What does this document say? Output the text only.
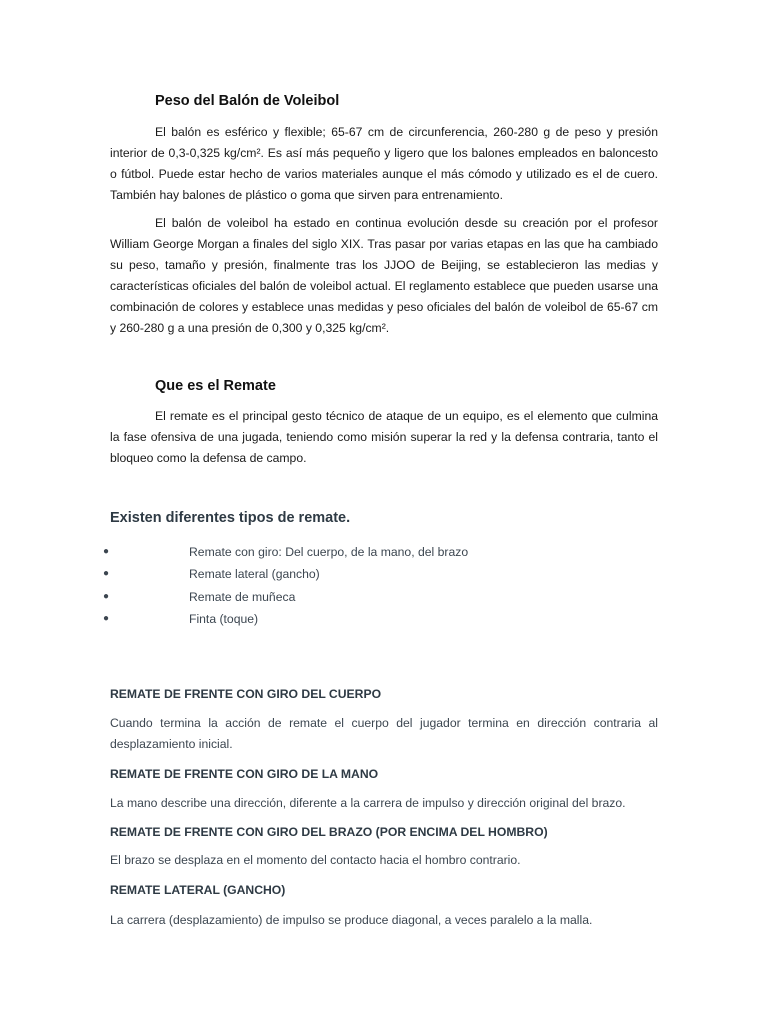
Peso del Balón de Voleibol

El balón es esférico y flexible; 65-67 cm de circunferencia, 260-280 g de peso y presión interior de 0,3-0,325 kg/cm². Es así más pequeño y ligero que los balones empleados en baloncesto o fútbol. Puede estar hecho de varios materiales aunque el más cómodo y utilizado es el de cuero. También hay balones de plástico o goma que sirven para entrenamiento.

El balón de voleibol ha estado en continua evolución desde su creación por el profesor William George Morgan a finales del siglo XIX. Tras pasar por varias etapas en las que ha cambiado su peso, tamaño y presión, finalmente tras los JJOO de Beijing, se establecieron las medias y características oficiales del balón de voleibol actual. El reglamento establece que pueden usarse una combinación de colores y establece unas medidas y peso oficiales del balón de voleibol de 65-67 cm y 260-280 g a una presión de 0,300 y 0,325 kg/cm².

Que es el Remate

El remate es el principal gesto técnico de ataque de un equipo, es el elemento que culmina la fase ofensiva de una jugada, teniendo como misión superar la red y la defensa contraria, tanto el bloqueo como la defensa de campo.

Existen diferentes tipos de remate.
●	Remate con giro: Del cuerpo, de la mano, del brazo
●	Remate lateral (gancho)
●	Remate de muñeca
●	Finta (toque)
REMATE DE FRENTE CON GIRO DEL CUERPO

Cuando termina la acción de remate el cuerpo del jugador termina en dirección contraria al desplazamiento inicial.

REMATE DE FRENTE CON GIRO DE LA MANO

La mano describe una dirección, diferente a la carrera de impulso y dirección original del brazo.

REMATE DE FRENTE CON GIRO DEL BRAZO (POR ENCIMA DEL HOMBRO)

El brazo se desplaza en el momento del contacto hacia el hombro contrario.

REMATE LATERAL (GANCHO)

La carrera (desplazamiento) de impulso se produce diagonal, a veces paralelo a la malla.
